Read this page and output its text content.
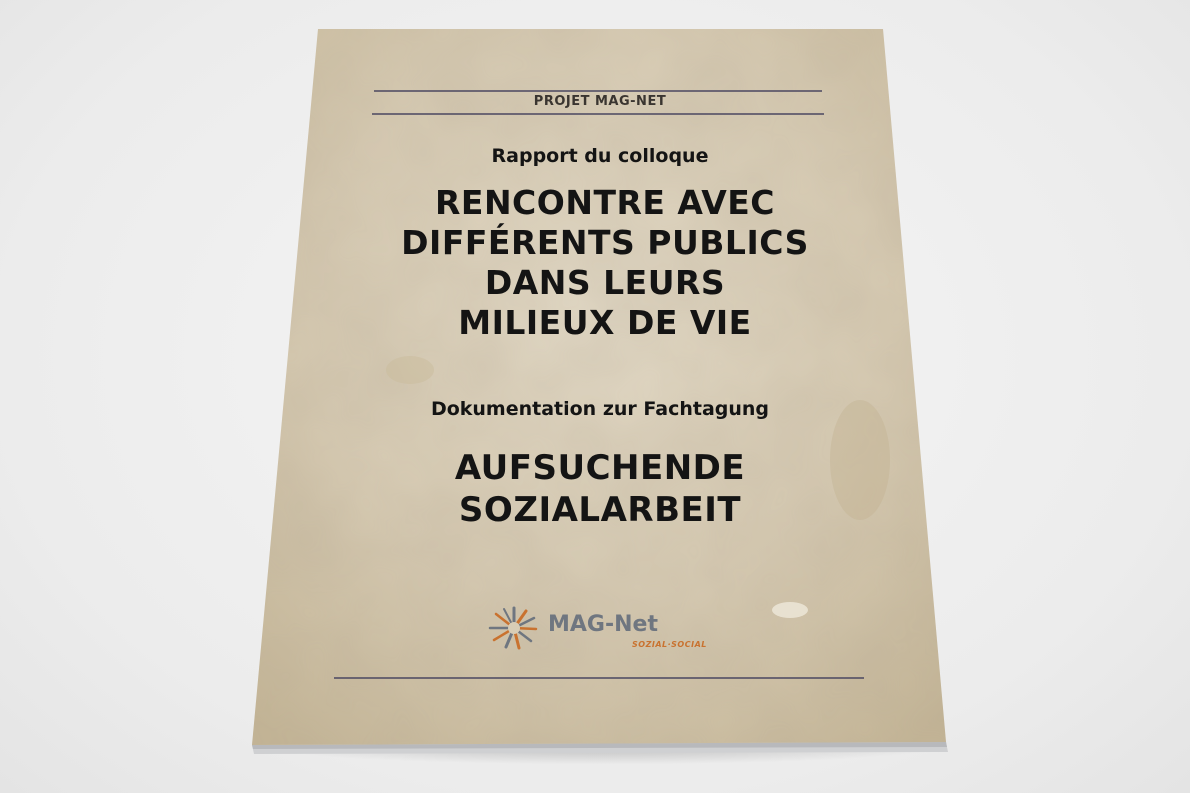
PROJET MAG-NET
Rapport du colloque
RENCONTRE AVEC
DIFFÉRENTS PUBLICS
DANS LEURS
MILIEUX DE VIE
Dokumentation zur Fachtagung
AUFSUCHENDE
SOZIALARBEIT
MAG-Net
SOZIAL·SOCIAL
